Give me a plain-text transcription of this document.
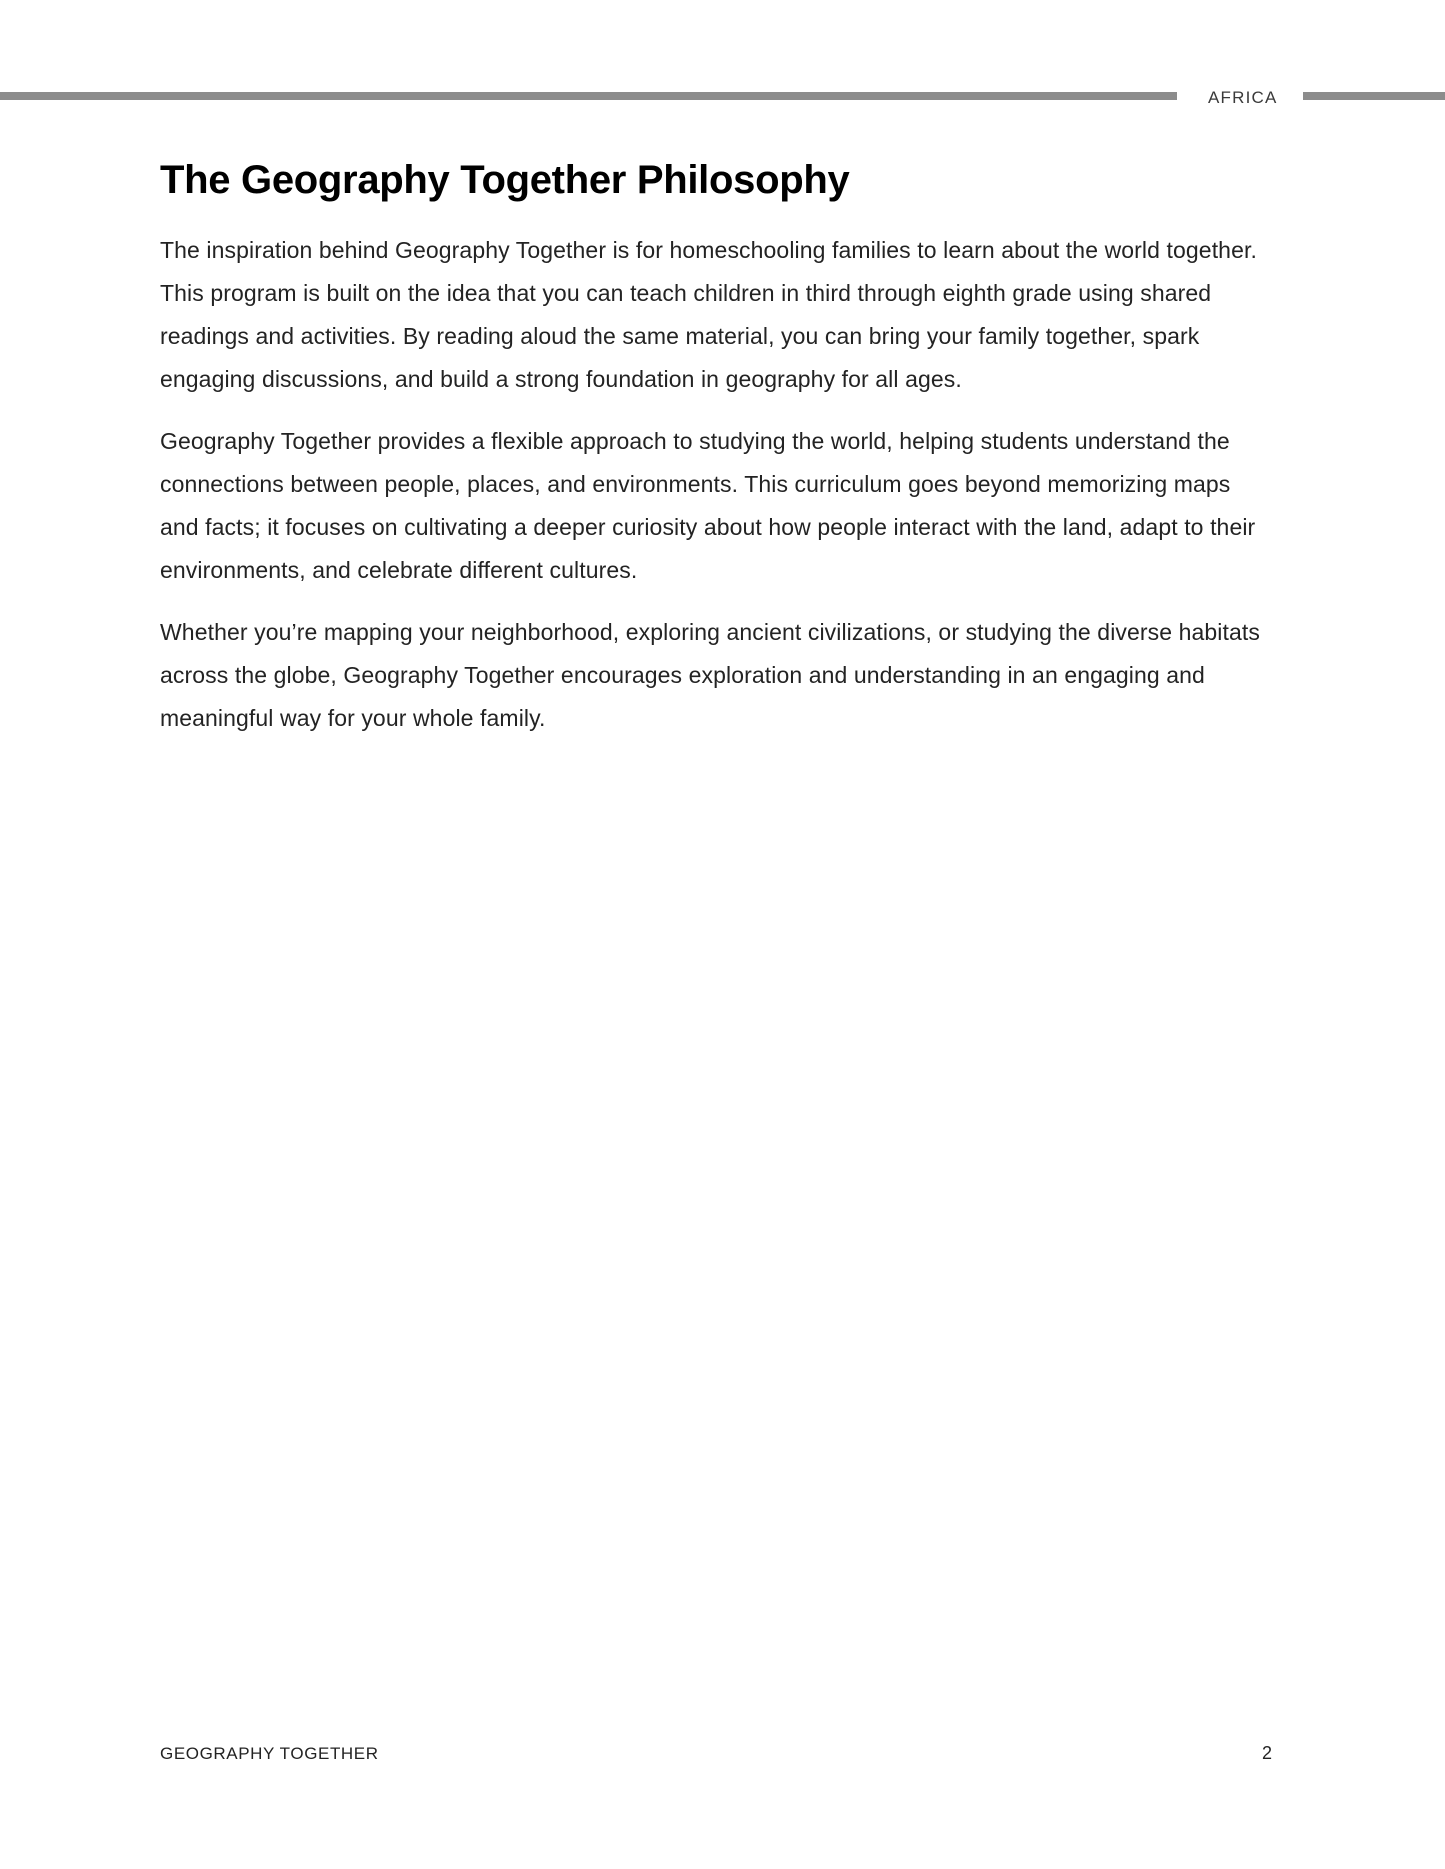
AFRICA
The Geography Together Philosophy

The inspiration behind Geography Together is for homeschooling families to learn about the world together. This program is built on the idea that you can teach children in third through eighth grade using shared readings and activities. By reading aloud the same material, you can bring your family together, spark engaging discussions, and build a strong foundation in geography for all ages.

Geography Together provides a flexible approach to studying the world, helping students understand the connections between people, places, and environments. This curriculum goes beyond memorizing maps and facts; it focuses on cultivating a deeper curiosity about how people interact with the land, adapt to their environments, and celebrate different cultures.

Whether you’re mapping your neighborhood, exploring ancient civilizations, or studying the diverse habitats across the globe, Geography Together encourages exploration and understanding in an engaging and meaningful way for your whole family.

GEOGRAPHY TOGETHER	2
